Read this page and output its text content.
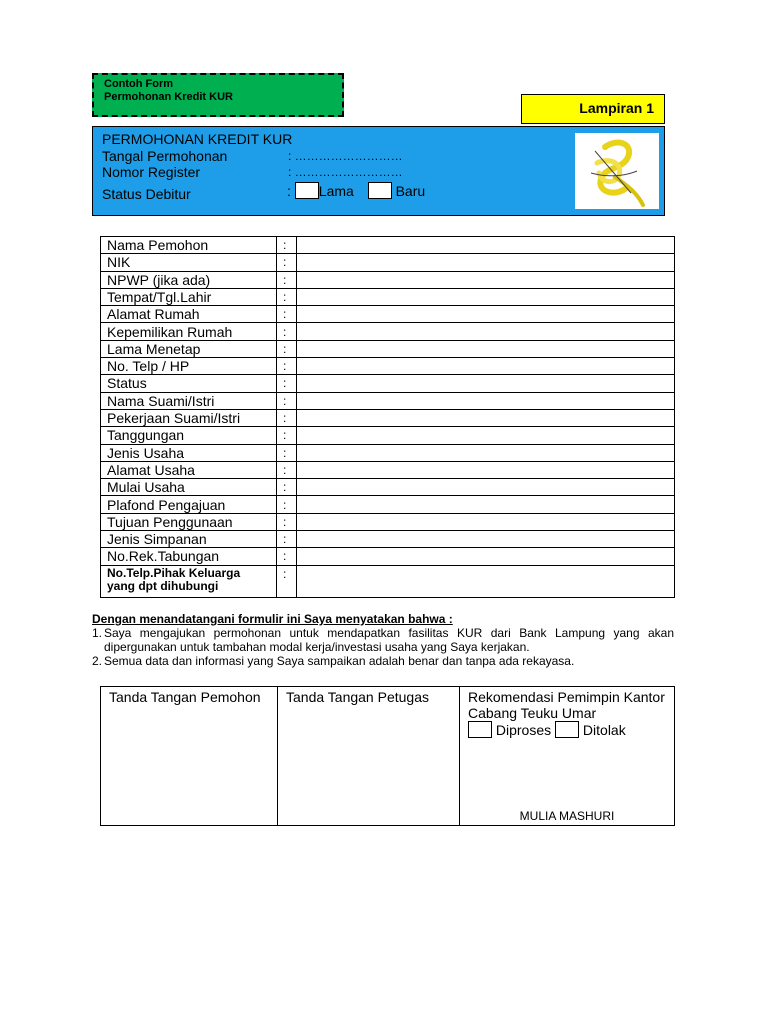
Contoh Form
Permohonan Kredit KUR
Lampiran 1
PERMOHONAN KREDIT KUR
Tangal Permohonan	: ………………………
Nomor Register	: ………………………
Status Debitur	: Lama	Baru
Nama Pemohon	:
NIK	:
NPWP (jika ada)	:
Tempat/Tgl.Lahir	:
Alamat Rumah	:
Kepemilikan Rumah	:
Lama Menetap	:
No. Telp / HP	:
Status	:
Nama Suami/Istri	:
Pekerjaan Suami/Istri	:
Tanggungan	:
Jenis Usaha	:
Alamat Usaha	:
Mulai Usaha	:
Plafond Pengajuan	:
Tujuan Penggunaan	:
Jenis Simpanan	:
No.Rek.Tabungan	:
No.Telp.Pihak Keluarga
yang dpt dihubungi
:
Dengan menandatangani formulir ini Saya menyatakan bahwa :
1. Saya mengajukan permohonan untuk mendapatkan fasilitas KUR dari Bank Lampung yang akan dipergunakan untuk tambahan modal kerja/investasi usaha yang Saya kerjakan.
2. Semua data dan informasi yang Saya sampaikan adalah benar dan tanpa ada rekayasa.
Tanda Tangan Pemohon	Tanda Tangan Petugas	Rekomendasi Pemimpin Kantor
Cabang Teuku Umar
Diproses Ditolak
MULIA MASHURI
